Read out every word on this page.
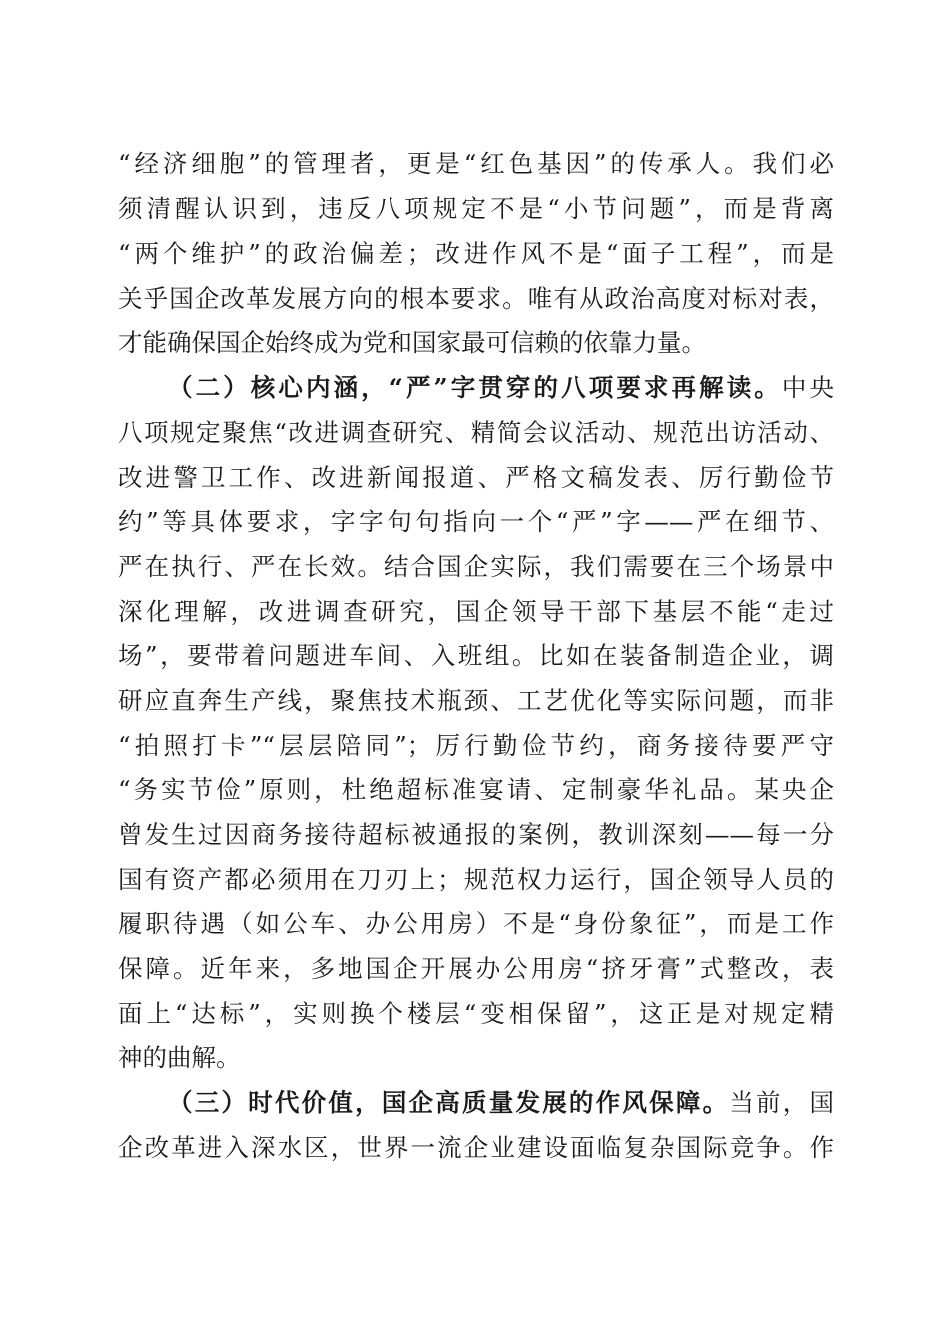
“经济细胞”的管理者，更是“红色基因”的传承人。我们必
须清醒认识到，违反八项规定不是“小节问题”，而是背离
“两个维护”的政治偏差；改进作风不是“面子工程”，而是
关乎国企改革发展方向的根本要求。唯有从政治高度对标对表，
才能确保国企始终成为党和国家最可信赖的依靠力量。
（二）核心内涵，“严”字贯穿的八项要求再解读。中央
八项规定聚焦“改进调查研究、精简会议活动、规范出访活动、
改进警卫工作、改进新闻报道、严格文稿发表、厉行勤俭节
约”等具体要求，字字句句指向一个“严”字——严在细节、
严在执行、严在长效。结合国企实际，我们需要在三个场景中
深化理解，改进调查研究，国企领导干部下基层不能“走过
场”，要带着问题进车间、入班组。比如在装备制造企业，调
研应直奔生产线，聚焦技术瓶颈、工艺优化等实际问题，而非
“拍照打卡”“层层陪同”；厉行勤俭节约，商务接待要严守
“务实节俭”原则，杜绝超标准宴请、定制豪华礼品。某央企
曾发生过因商务接待超标被通报的案例，教训深刻——每一分
国有资产都必须用在刀刃上；规范权力运行，国企领导人员的
履职待遇（如公车、办公用房）不是“身份象征”，而是工作
保障。近年来，多地国企开展办公用房“挤牙膏”式整改，表
面上“达标”，实则换个楼层“变相保留”，这正是对规定精
神的曲解。
（三）时代价值，国企高质量发展的作风保障。当前，国
企改革进入深水区，世界一流企业建设面临复杂国际竞争。作
